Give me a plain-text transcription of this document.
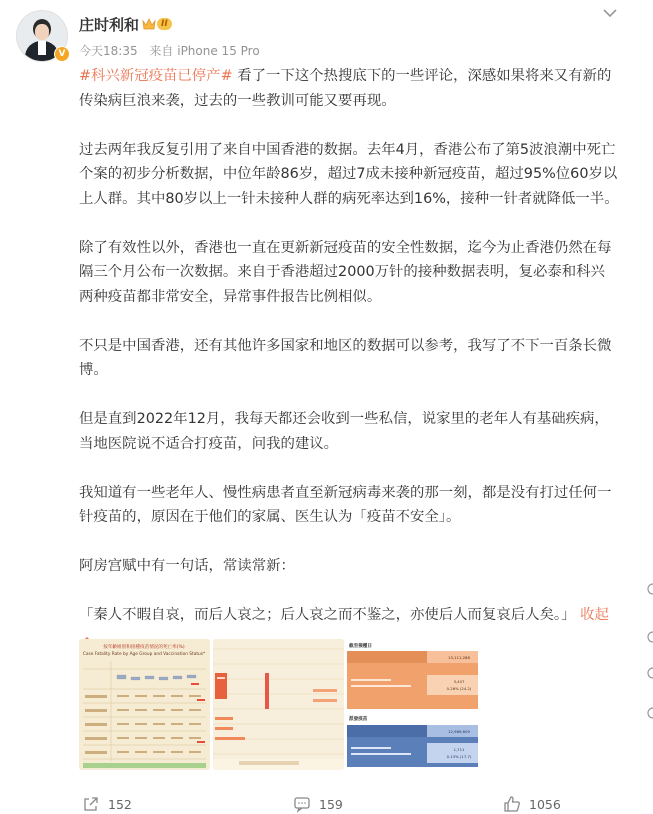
V
庄时利和	II
今天18:35 来自 iPhone 15 Pro

#科兴新冠疫苗已停产# 看了一下这个热搜底下的一些评论，深感如果将来又有新的传染病巨浪来袭，过去的一些教训可能又要再现。

过去两年我反复引用了来自中国香港的数据。去年4月，香港公布了第5波浪潮中死亡个案的初步分析数据，中位年龄86岁，超过7成未接种新冠疫苗，超过95%位60岁以上人群。其中80岁以上一针未接种人群的病死率达到16%，接种一针者就降低一半。

除了有效性以外，香港也一直在更新新冠疫苗的安全性数据，迄今为止香港仍然在每隔三个月公布一次数据。来自于香港超过2000万针的接种数据表明，复必泰和科兴两种疫苗都非常安全，异常事件报告比例相似。

不只是中国香港，还有其他许多国家和地区的数据可以参考，我写了不下一百条长微博。

但是直到2022年12月，我每天都还会收到一些私信，说家里的老年人有基础疾病，当地医院说不适合打疫苗，问我的建议。

我知道有一些老年人、慢性病患者直至新冠病毒来袭的那一刻，都是没有打过任何一针疫苗的，原因在于他们的家属、医生认为「疫苗不安全」。

阿房宫赋中有一句话，常读常新：

「秦人不暇自哀，而后人哀之；后人哀之而不鉴之，亦使后人而复哀后人矣。」 收起

按年齡組別和接種疫苗情況的死亡率(%)
Case Fatality Rate by Age Group and Vaccination Status*
截至接種日
13,111,288
3,407
0.26% (24.2)
派發疫苗
12,989,609
1,711
0.13% (17.7)
152	159	1056
